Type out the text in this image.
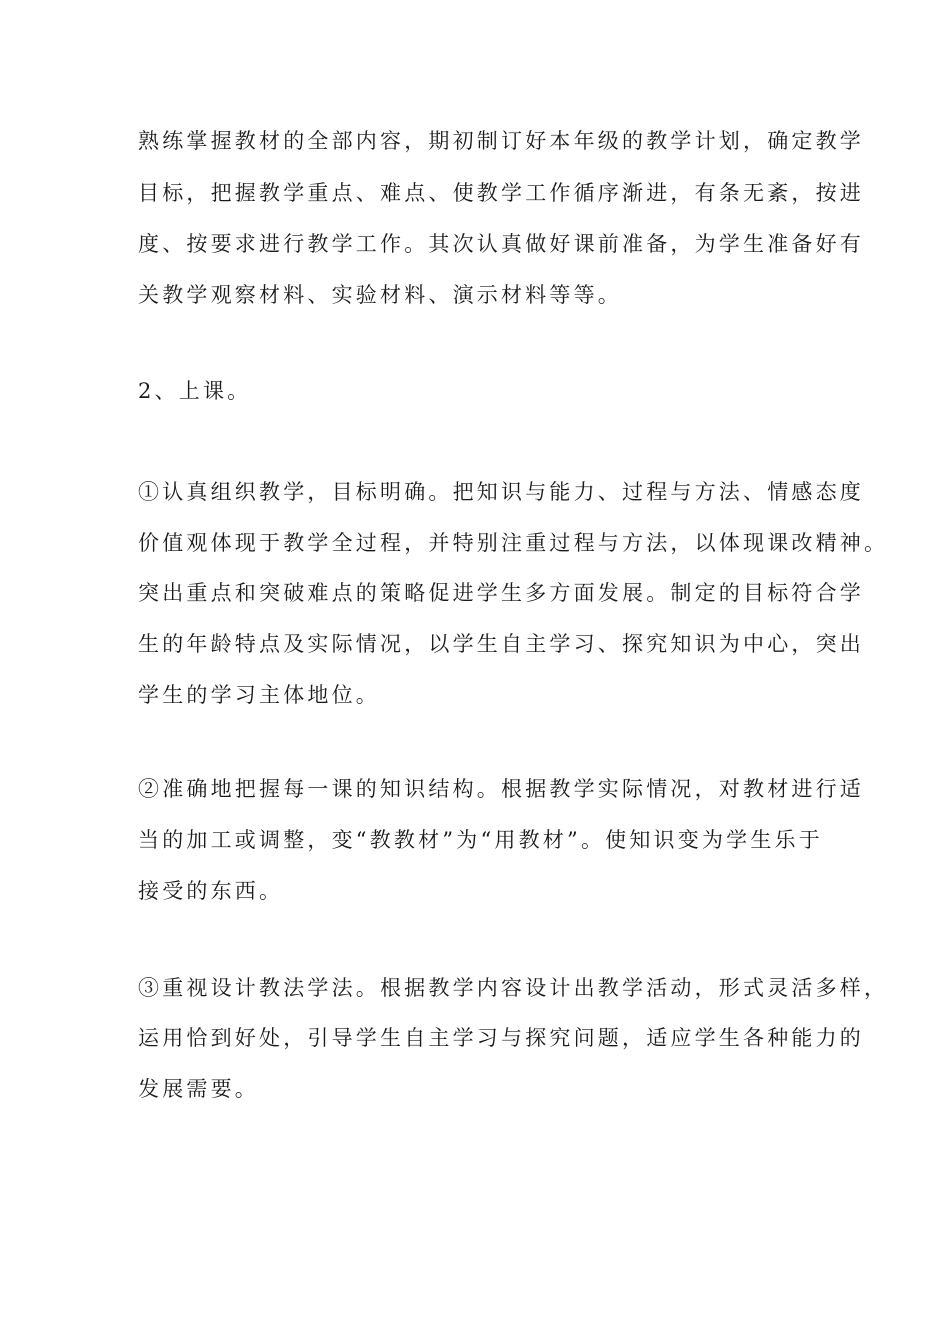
熟练掌握教材的全部内容，期初制订好本年级的教学计划，确定教学
目标，把握教学重点、难点、使教学工作循序渐进，有条无紊，按进
度、按要求进行教学工作。其次认真做好课前准备，为学生准备好有
关教学观察材料、实验材料、演示材料等等。
2、上课。
①认真组织教学，目标明确。把知识与能力、过程与方法、情感态度
价值观体现于教学全过程，并特别注重过程与方法，以体现课改精神。
突出重点和突破难点的策略促进学生多方面发展。制定的目标符合学
生的年龄特点及实际情况，以学生自主学习、探究知识为中心，突出
学生的学习主体地位。
②准确地把握每一课的知识结构。根据教学实际情况，对教材进行适
当的加工或调整，变“教教材”为“用教材”。使知识变为学生乐于
接受的东西。
③重视设计教法学法。根据教学内容设计出教学活动，形式灵活多样，
运用恰到好处，引导学生自主学习与探究问题，适应学生各种能力的
发展需要。
